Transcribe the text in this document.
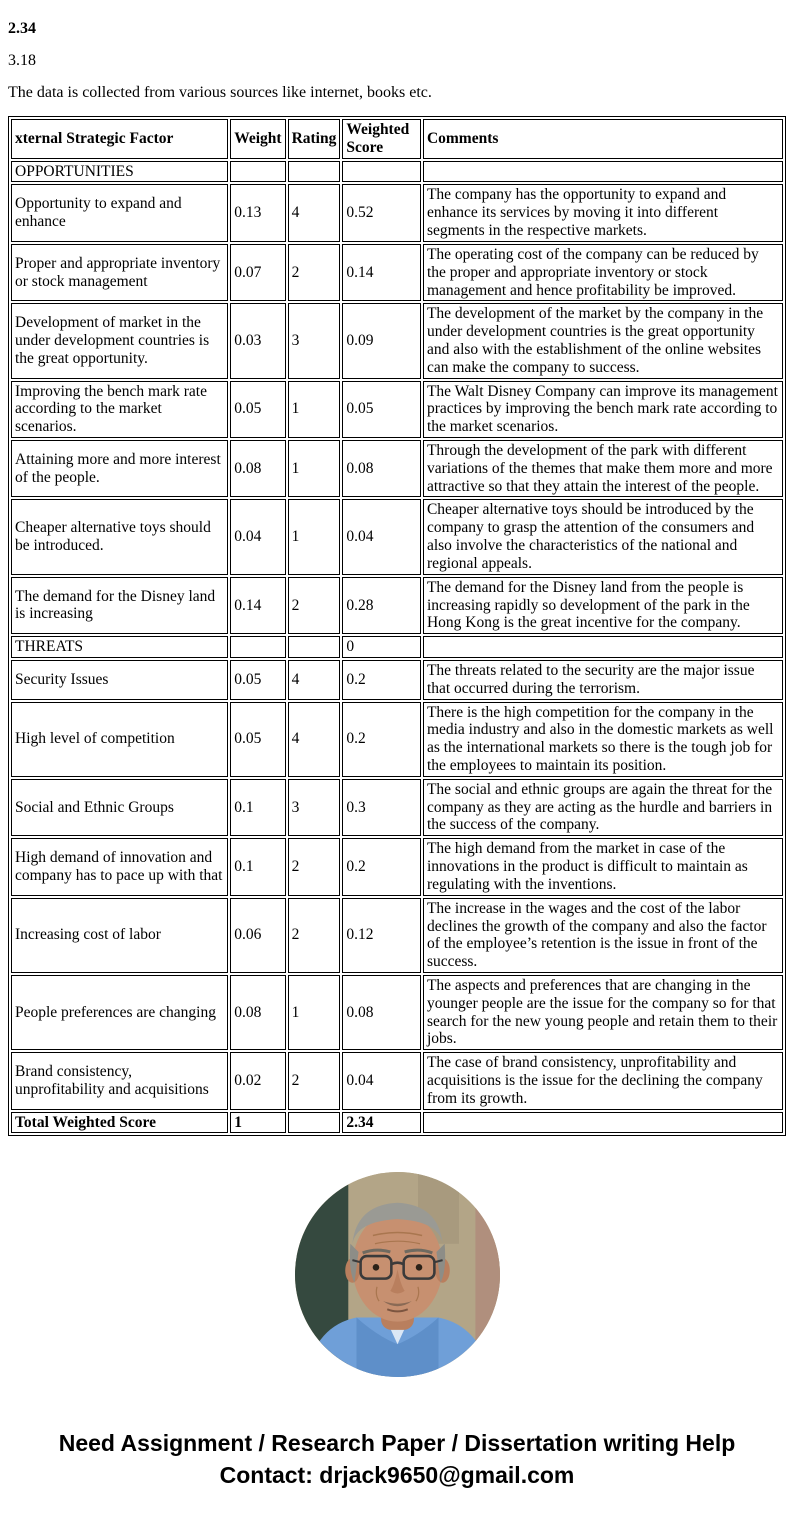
2.34

3.18

The data is collected from various sources like internet, books etc.

xternal Strategic Factor	Weight	Rating	Weighted Score	Comments
OPPORTUNITIES				
Opportunity to expand and enhance	0.13	4	0.52	The company has the opportunity to expand and enhance its services by moving it into different segments in the respective markets.
Proper and appropriate inventory or stock management	0.07	2	0.14	The operating cost of the company can be reduced by the proper and appropriate inventory or stock management and hence profitability be improved.
Development of market in the under development countries is the great opportunity.	0.03	3	0.09	The development of the market by the company in the under development countries is the great opportunity and also with the establishment of the online websites can make the company to success.
Improving the bench mark rate according to the market scenarios.	0.05	1	0.05	The Walt Disney Company can improve its management practices by improving the bench mark rate according to the market scenarios.
Attaining more and more interest of the people.	0.08	1	0.08	Through the development of the park with different variations of the themes that make them more and more attractive so that they attain the interest of the people.
Cheaper alternative toys should be introduced.	0.04	1	0.04	Cheaper alternative toys should be introduced by the company to grasp the attention of the consumers and also involve the characteristics of the national and regional appeals.
The demand for the Disney land is increasing	0.14	2	0.28	The demand for the Disney land from the people is increasing rapidly so development of the park in the Hong Kong is the great incentive for the company.
THREATS			0	
Security Issues	0.05	4	0.2	The threats related to the security are the major issue that occurred during the terrorism.
High level of competition	0.05	4	0.2	There is the high competition for the company in the media industry and also in the domestic markets as well as the international markets so there is the tough job for the employees to maintain its position.
Social and Ethnic Groups	0.1	3	0.3	The social and ethnic groups are again the threat for the company as they are acting as the hurdle and barriers in the success of the company.
High demand of innovation and company has to pace up with that	0.1	2	0.2	The high demand from the market in case of the innovations in the product is difficult to maintain as regulating with the inventions.
Increasing cost of labor	0.06	2	0.12	The increase in the wages and the cost of the labor declines the growth of the company and also the factor of the employee’s retention is the issue in front of the success.
People preferences are changing	0.08	1	0.08	The aspects and preferences that are changing in the younger people are the issue for the company so for that search for the new young people and retain them to their jobs.
Brand consistency, unprofitability and acquisitions	0.02	2	0.04	The case of brand consistency, unprofitability and acquisitions is the issue for the declining the company from its growth.
Total Weighted Score	1		2.34	
Need Assignment / Research Paper / Dissertation writing Help
Contact: drjack9650@gmail.com
